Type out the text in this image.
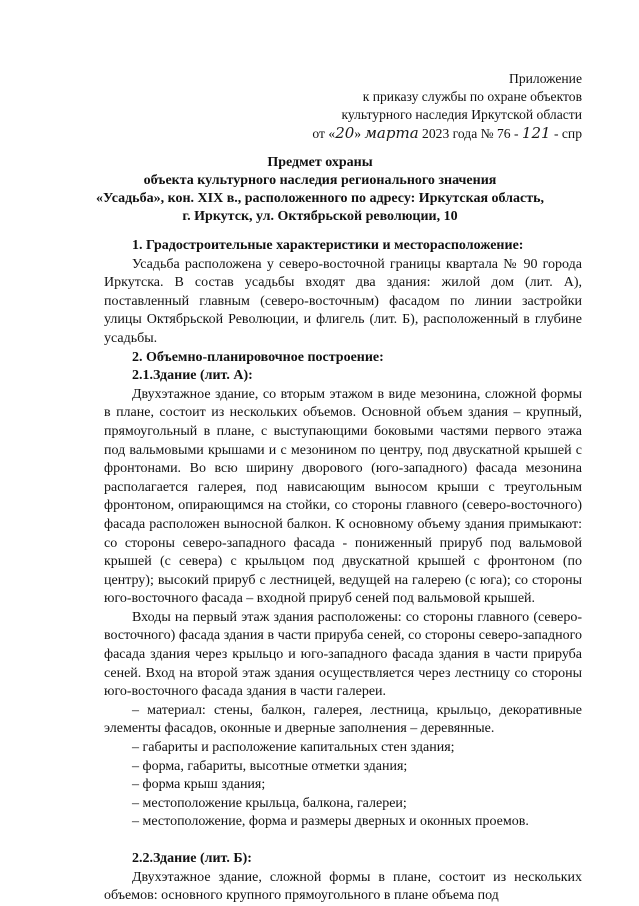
Приложение
к приказу службы по охране объектов
культурного наследия Иркутской области
от «20» марта 2023 года № 76 - 121 - спр
Предмет охраны
объекта культурного наследия регионального значения
«Усадьба», кон. XIX в., расположенного по адресу: Иркутская область,
г. Иркутск, ул. Октябрьской революции, 10
1. Градостроительные характеристики и месторасположение:

Усадьба расположена у северо-восточной границы квартала № 90 города Иркутска. В состав усадьбы входят два здания: жилой дом (лит. А), поставленный главным (северо-восточным) фасадом по линии застройки улицы Октябрьской Революции, и флигель (лит. Б), расположенный в глубине усадьбы.

2. Объемно-планировочное построение:
2.1.Здание (лит. А):

Двухэтажное здание, со вторым этажом в виде мезонина, сложной формы в плане, состоит из нескольких объемов. Основной объем здания – крупный, прямоугольный в плане, с выступающими боковыми частями первого этажа под вальмовыми крышами и с мезонином по центру, под двускатной крышей с фронтонами. Во всю ширину дворового (юго-западного) фасада мезонина располагается галерея, под нависающим выносом крыши с треугольным фронтоном, опирающимся на стойки, со стороны главного (северо-восточного) фасада расположен выносной балкон. К основному объему здания примыкают: со стороны северо-западного фасада - пониженный прируб под вальмовой крышей (с севера) с крыльцом под двускатной крышей с фронтоном (по центру); высокий прируб с лестницей, ведущей на галерею (с юга); со стороны юго-восточного фасада – входной прируб сеней под вальмовой крышей.

Входы на первый этаж здания расположены: со стороны главного (северо-восточного) фасада здания в части прируба сеней, со стороны северо-западного фасада здания через крыльцо и юго-западного фасада здания в части прируба сеней. Вход на второй этаж здания осуществляется через лестницу со стороны юго-восточного фасада здания в части галереи.

– материал: стены, балкон, галерея, лестница, крыльцо, декоративные элементы фасадов, оконные и дверные заполнения – деревянные.

– габариты и расположение капитальных стен здания;
– форма, габариты, высотные отметки здания;
– форма крыш здания;
– местоположение крыльца, балкона, галереи;
– местоположение, форма и размеры дверных и оконных проемов.
2.2.Здание (лит. Б):

Двухэтажное здание, сложной формы в плане, состоит из нескольких объемов: основного крупного прямоугольного в плане объема под
